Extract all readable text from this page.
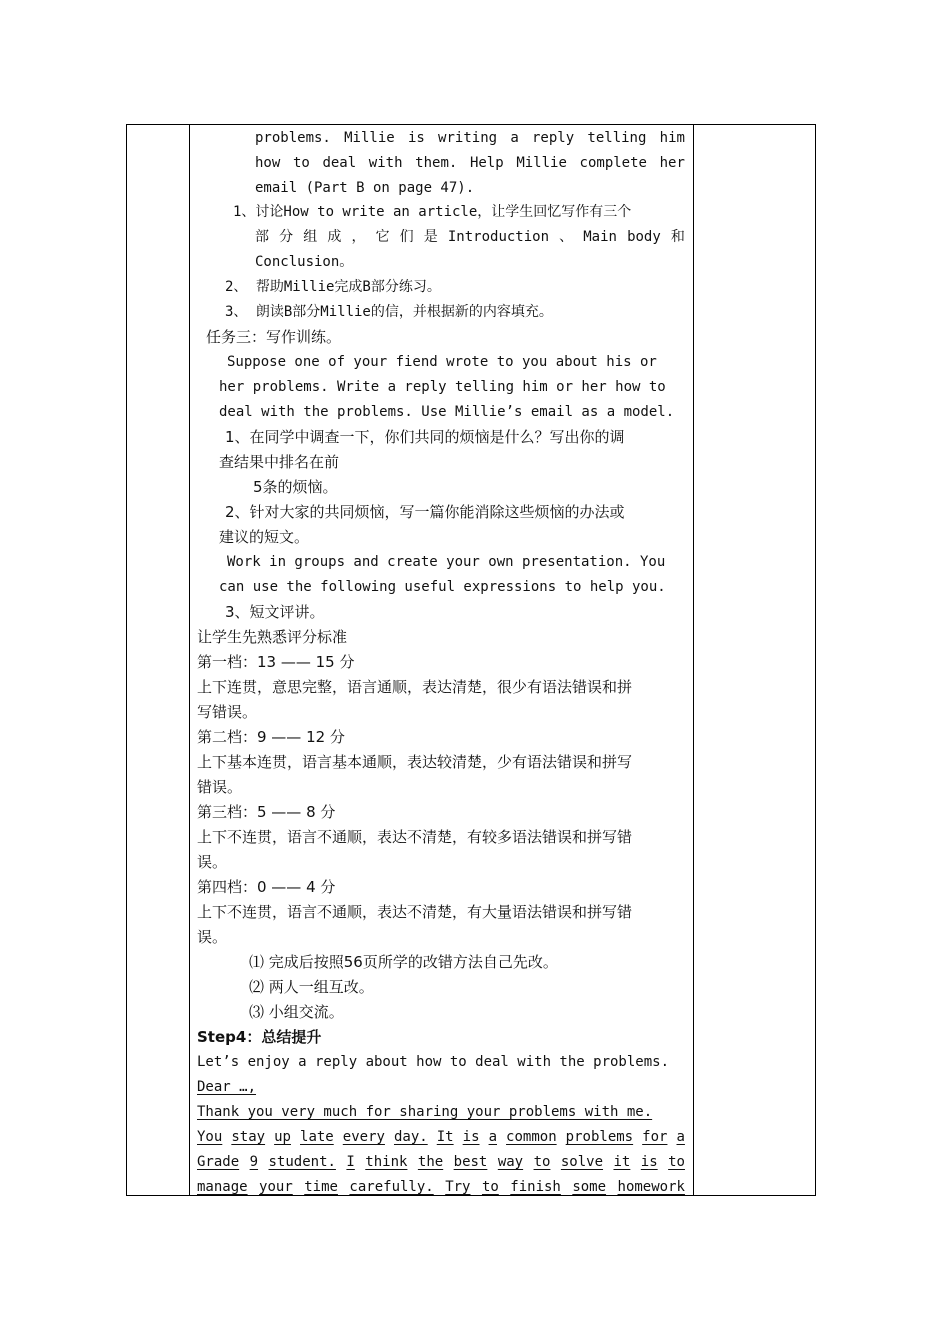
problems. Millie is writing a reply telling him
how to deal with them. Help Millie complete her
email (Part B on page 47).
1、讨论How to write an article，让学生回忆写作有三个
部 分 组 成 ， 它 们 是 Introduction 、 Main body 和
Conclusion。
2、 帮助Millie完成B部分练习。
3、 朗读B部分Millie的信，并根据新的内容填充。
任务三：写作训练。
Suppose one of your fiend wrote to you about his or
her problems. Write a reply telling him or her how to
deal with the problems. Use Millie’s email as a model.
1、在同学中调查一下，你们共同的烦恼是什么？写出你的调
查结果中排名在前
5条的烦恼。
2、针对大家的共同烦恼，写一篇你能消除这些烦恼的办法或
建议的短文。
Work in groups and create your own presentation. You
can use the following useful expressions to help you.
3、短文评讲。
让学生先熟悉评分标准
第一档：13 —— 15 分
上下连贯，意思完整，语言通顺，表达清楚，很少有语法错误和拼
写错误。
第二档：9 —— 12 分
上下基本连贯，语言基本通顺，表达较清楚，少有语法错误和拼写
错误。
第三档：5 —— 8 分
上下不连贯，语言不通顺，表达不清楚，有较多语法错误和拼写错
误。
第四档：0 —— 4 分
上下不连贯，语言不通顺，表达不清楚，有大量语法错误和拼写错
误。
⑴ 完成后按照56页所学的改错方法自己先改。
⑵ 两人一组互改。
⑶ 小组交流。
Step4：总结提升
Let’s enjoy a reply about how to deal with the problems.
Dear …,
Thank you very much for sharing your problems with me.
You stay up late every day. It is a common problems for a
Grade 9 student. I think the best way to solve it is to
manage your time carefully. Try to finish some homework
